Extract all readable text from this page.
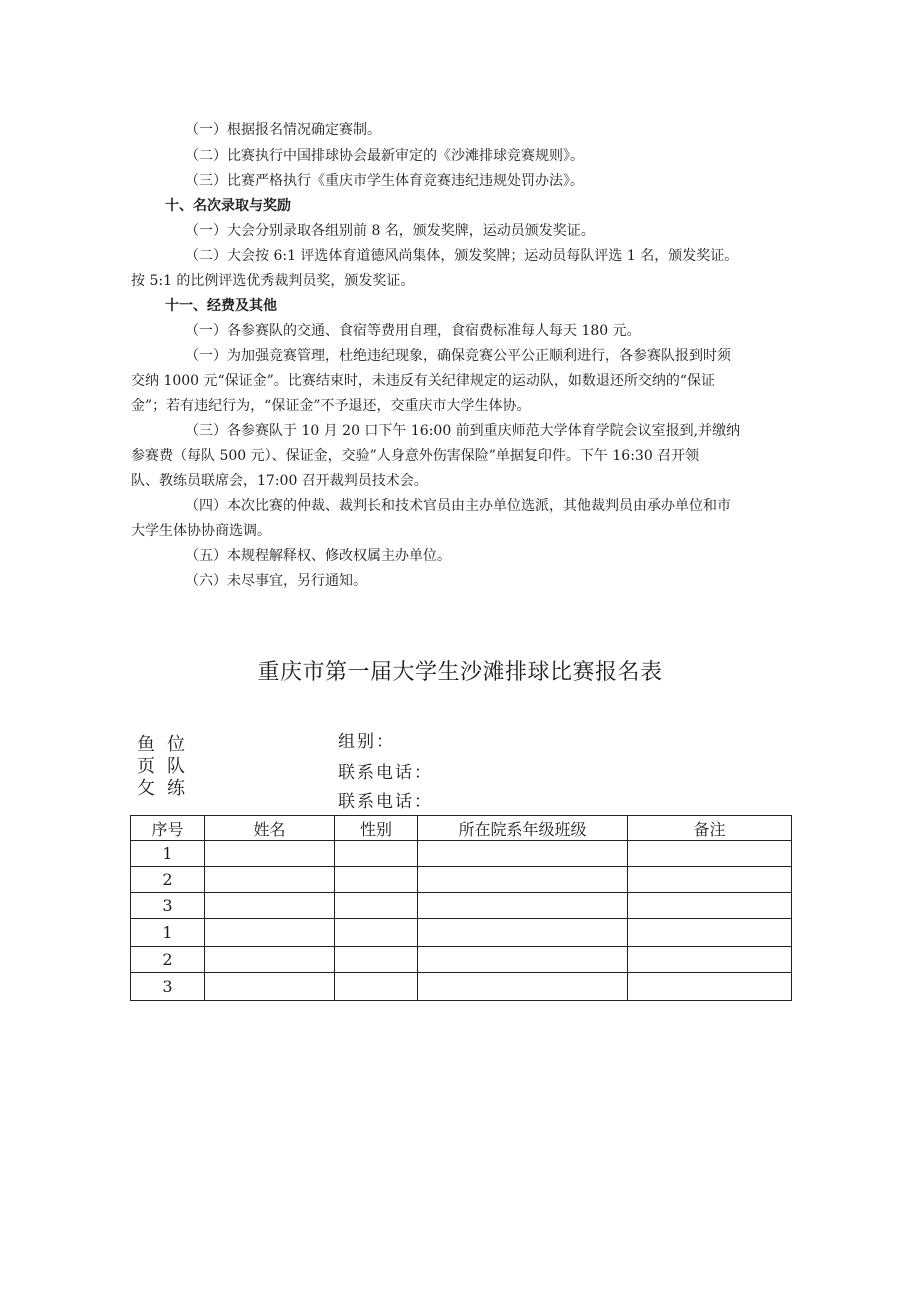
（一）根据报名情况确定赛制。
（二）比赛执行中国排球协会最新审定的《沙滩排球竞赛规则》。
（三）比赛严格执行《重庆市学生体育竞赛违纪违规处罚办法》。
十、名次录取与奖励
（一）大会分别录取各组别前 8 名，颁发奖牌，运动员颁发奖证。
（二）大会按 6:1 评选体育道德风尚集体，颁发奖牌；运动员每队评选 1 名，颁发奖证。
按 5:1 的比例评选优秀裁判员奖，颁发奖证。
十一、经费及其他
（一）各参赛队的交通、食宿等费用自理，食宿费标准每人每天 180 元。
（一）为加强竞赛管理，杜绝违纪现象，确保竞赛公平公正顺利进行，各参赛队报到时须
交纳 1000 元“保证金”。比赛结束时，未违反有关纪律规定的运动队，如数退还所交纳的“保证
金”；若有违纪行为，“保证金”不予退还，交重庆市大学生体协。
（三）各参赛队于 10 月 20 口下午 16:00 前到重庆师范大学体育学院会议室报到,并缴纳
参赛费（每队 500 元）、保证金，交验”人身意外伤害保险”单据复印件。下午 16:30 召开领
队、教练员联席会，17:00 召开裁判员技术会。
（四）本次比赛的仲裁、裁判长和技术官员由主办单位选派，其他裁判员由承办单位和市
大学生体协协商选调。
（五）本规程解释权、修改权属主办单位。
（六）未尽事宜，另行通知。
重庆市第一届大学生沙滩排球比赛报名表
鱼 位
页 队
攵 练
组别：
联系电话：
联系电话：
序号	姓名	性别	所在院系年级班级	备注
1				
2				
3				
1				
2				
3				
